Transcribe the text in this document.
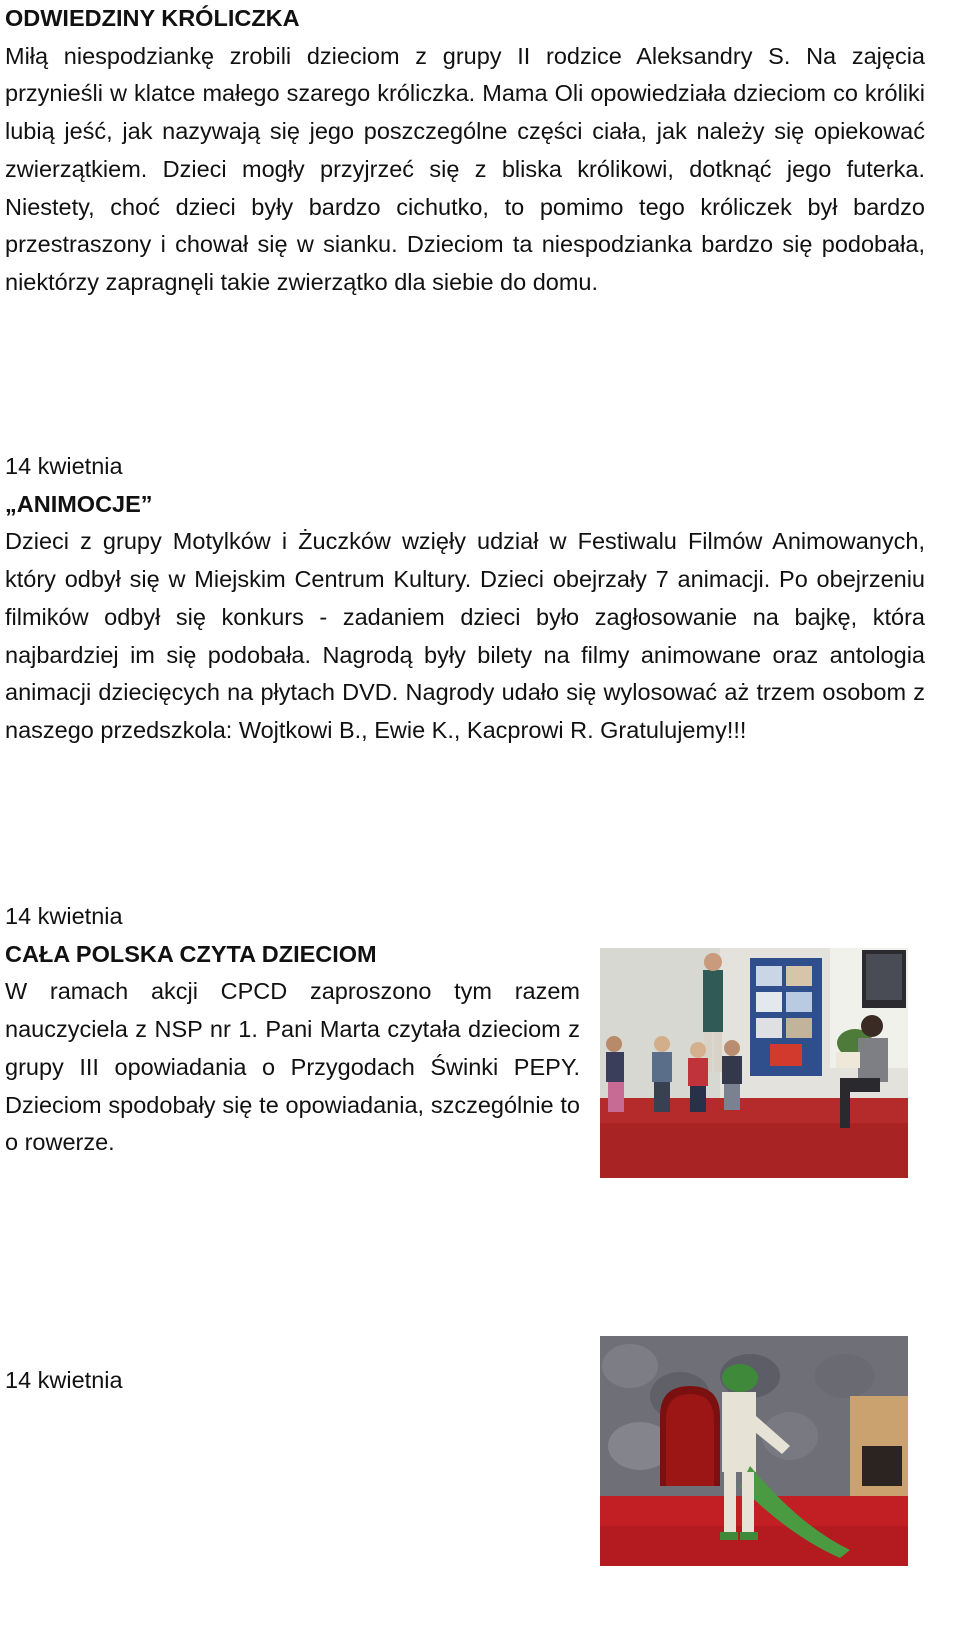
ODWIEDZINY KRÓLICZKA
Miłą niespodziankę zrobili dzieciom z grupy II rodzice Aleksandry S. Na zajęcia przynieśli w klatce małego szarego króliczka. Mama Oli opowiedziała dzieciom co króliki lubią jeść, jak nazywają się jego poszczególne części ciała, jak należy się opiekować zwierzątkiem. Dzieci mogły przyjrzeć się z bliska królikowi, dotknąć jego futerka. Niestety, choć dzieci były bardzo cichutko, to pomimo tego króliczek był bardzo przestraszony i chował się w sianku. Dzieciom ta niespodzianka bardzo się podobała, niektórzy zapragnęli takie zwierzątko dla siebie do domu.
14 kwietnia
„ANIMOCJE”
Dzieci z grupy Motylków i Żuczków wzięły udział w Festiwalu Filmów Animowanych, który odbył się w Miejskim Centrum Kultury. Dzieci obejrzały 7 animacji. Po obejrzeniu filmików odbył się konkurs - zadaniem dzieci było zagłosowanie na bajkę, która najbardziej im się podobała. Nagrodą były bilety na filmy animowane oraz antologia animacji dziecięcych na płytach DVD. Nagrody udało się wylosować aż trzem osobom z naszego przedszkola: Wojtkowi B., Ewie K., Kacprowi R. Gratulujemy!!!
14 kwietnia
CAŁA POLSKA CZYTA DZIECIOM
W ramach akcji CPCD zaproszono tym razem nauczyciela z NSP nr 1. Pani Marta czytała dzieciom z grupy III opowiadania o Przygodach Świnki PEPY. Dzieciom spodobały się te opowiadania, szczególnie to o rowerze.
14 kwietnia
